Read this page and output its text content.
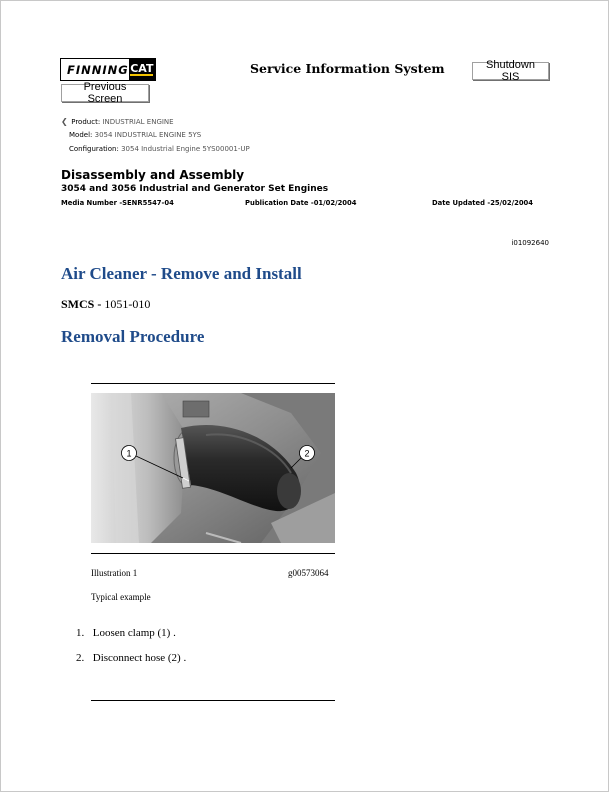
FINNING CAT	Service Information System	Shutdown SIS
Previous Screen
❮ Product: INDUSTRIAL ENGINE
Model: 3054 INDUSTRIAL ENGINE 5YS
Configuration: 3054 Industrial Engine 5YS00001-UP
Disassembly and Assembly
3054 and 3056 Industrial and Generator Set Engines
Media Number -SENR5547-04	Publication Date -01/02/2004	Date Updated -25/02/2004
i01092640
Air Cleaner - Remove and Install
SMCS - 1051-010
Removal Procedure
1	2
Illustration 1	g00573064
Typical example
1. Loosen clamp (1) .
2. Disconnect hose (2) .
